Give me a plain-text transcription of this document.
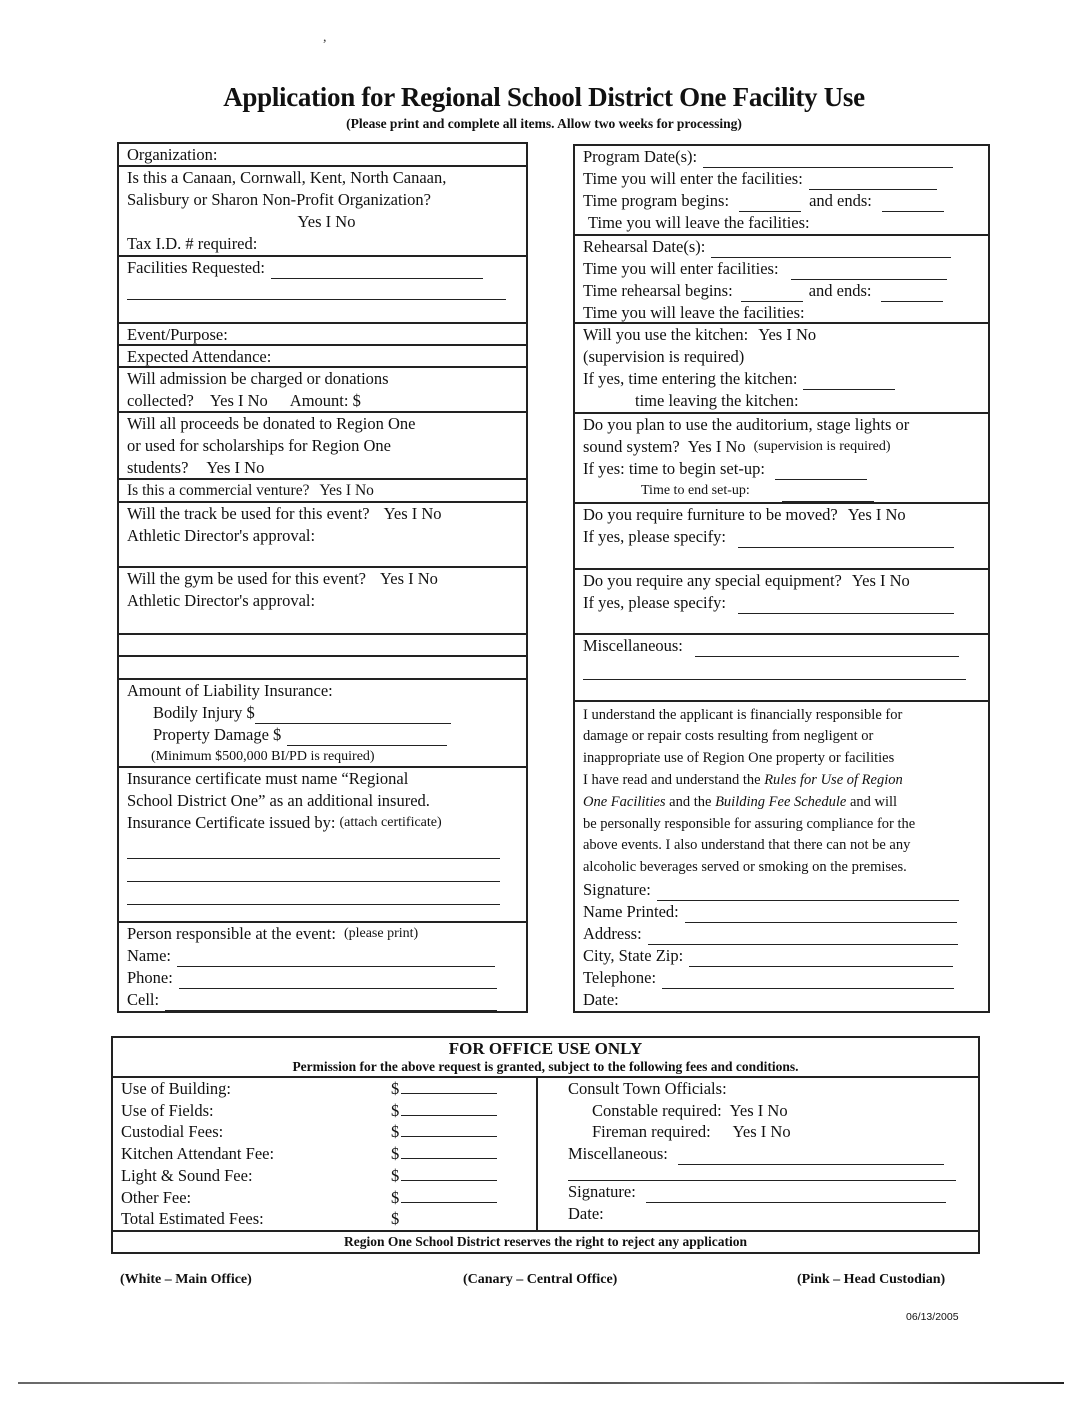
,
Application for Regional School District One Facility Use
(Please print and complete all items. Allow two weeks for processing)
Organization:
Is this a Canaan, Cornwall, Kent, North Canaan,
Salisbury or Sharon Non-Profit Organization?
Yes I No
Tax I.D. # required:
Facilities Requested:
Event/Purpose:
Expected Attendance:
Will admission be charged or donations
collected? Yes I No Amount: $
Will all proceeds be donated to Region One
or used for scholarships for Region One
students? Yes I No
Is this a commercial venture? Yes I No
Will the track be used for this event? Yes I No
Athletic Director's approval:
Will the gym be used for this event? Yes I No
Athletic Director's approval:
Amount of Liability Insurance:
Bodily Injury $
Property Damage $
(Minimum $500,000 BI/PD is required)
Insurance certificate must name “Regional
School District One” as an additional insured.
Insurance Certificate issued by: (attach certificate)
Person responsible at the event: (please print)
Name:
Phone:
Cell:
Program Date(s):
Time you will enter the facilities:
Time program begins:	and ends:
Time you will leave the facilities:
Rehearsal Date(s):
Time you will enter facilities:
Time rehearsal begins:	and ends:
Time you will leave the facilities:
Will you use the kitchen: Yes I No
(supervision is required)
If yes, time entering the kitchen:
time leaving the kitchen:
Do you plan to use the auditorium, stage lights or
sound system? Yes I No (supervision is required)
If yes: time to begin set-up:
Time to end set-up:
Do you require furniture to be moved? Yes I No
If yes, please specify:
Do you require any special equipment? Yes I No
If yes, please specify:
Miscellaneous:
I understand the applicant is financially responsible for
damage or repair costs resulting from negligent or
inappropriate use of Region One property or facilities
I have read and understand the Rules for Use of Region
One Facilities and the Building Fee Schedule and will
be personally responsible for assuring compliance for the
above events. I also understand that there can not be any
alcoholic beverages served or smoking on the premises.
Signature:
Name Printed:
Address:
City, State Zip:
Telephone:
Date:
FOR OFFICE USE ONLY
Permission for the above request is granted, subject to the following fees and conditions.
Use of Building:	$
Use of Fields:	$
Custodial Fees:	$
Kitchen Attendant Fee:	$
Light & Sound Fee:	$
Other Fee:	$
Total Estimated Fees:	$
Consult Town Officials:
Constable required: Yes I No
Fireman required: Yes I No
Miscellaneous:
Signature:
Date:
Region One School District reserves the right to reject any application
(White – Main Office)	(Canary – Central Office)	(Pink – Head Custodian)
06/13/2005
